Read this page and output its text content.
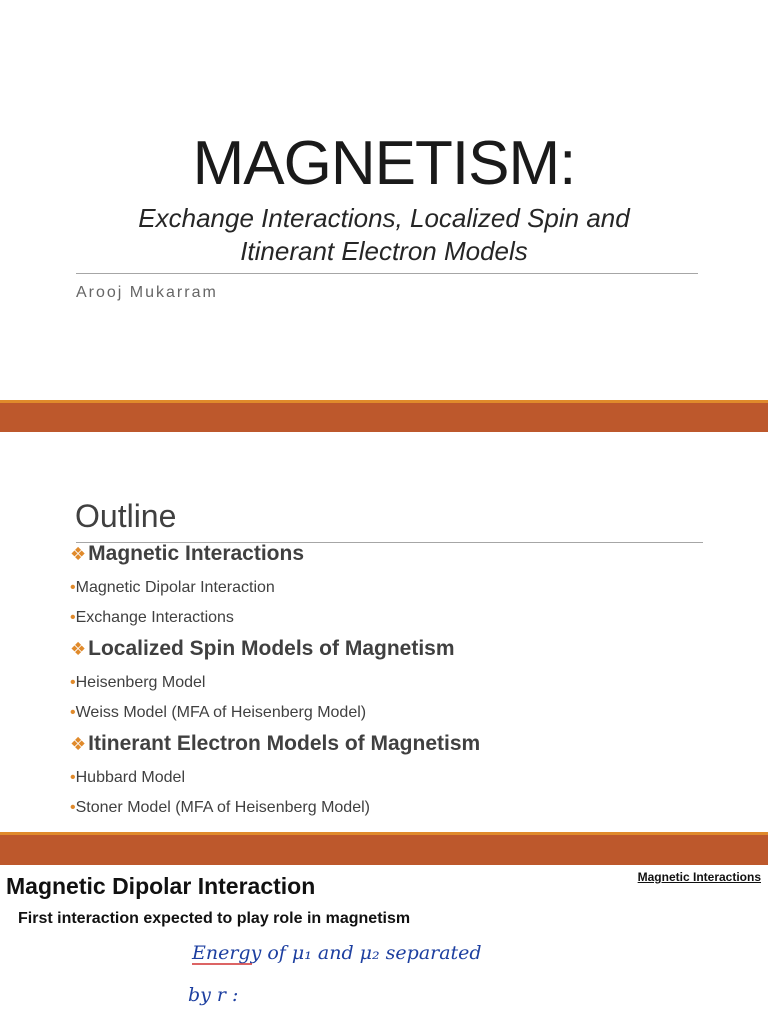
MAGNETISM:
Exchange Interactions, Localized Spin and
Itinerant Electron Models
Arooj Mukarram
Outline
❖ Magnetic Interactions
•Magnetic Dipolar Interaction
•Exchange Interactions
❖ Localized Spin Models of Magnetism
•Heisenberg Model
•Weiss Model (MFA of Heisenberg Model)
❖ Itinerant Electron Models of Magnetism
•Hubbard Model
•Stoner Model (MFA of Heisenberg Model)
Magnetic Dipolar Interaction	Magnetic Interactions
First interaction expected to play role in magnetism
Energy of μ₁ and μ₂ separated
by r :
